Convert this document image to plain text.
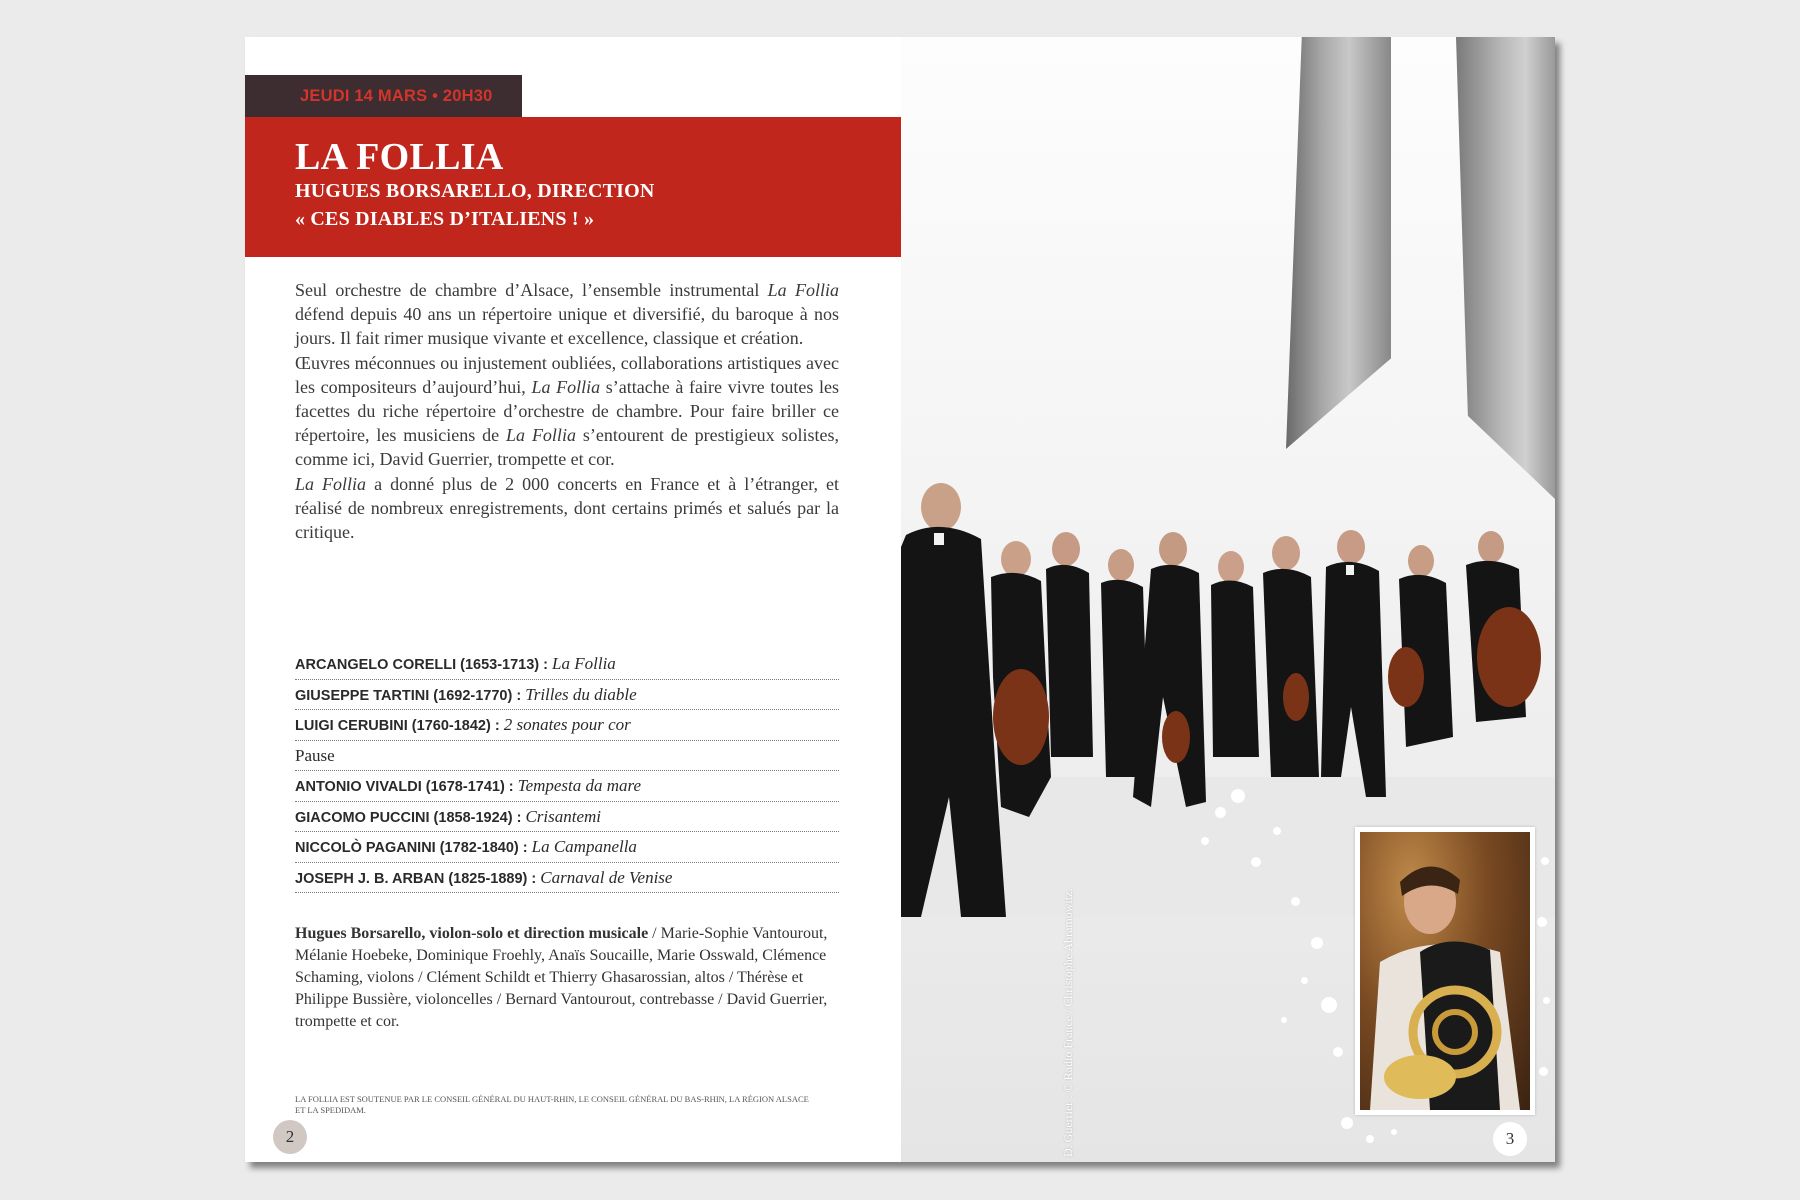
JEUDI 14 MARS • 20H30
LA FOLLIA
HUGUES BORSARELLO, DIRECTION
« CES DIABLES D’ITALIENS ! »

Seul orchestre de chambre d’Alsace, l’ensemble instrumental La Follia défend depuis 40 ans un répertoire unique et diversifié, du baroque à nos jours. Il fait rimer musique vivante et excellence, classique et création.

Œuvres méconnues ou injustement oubliées, collaborations artistiques avec les compositeurs d’aujourd’hui, La Follia s’attache à faire vivre toutes les facettes du riche répertoire d’orchestre de chambre. Pour faire briller ce répertoire, les musiciens de La Follia s’entourent de prestigieux solistes, comme ici, David Guerrier, trompette et cor.

La Follia a donné plus de 2 000 concerts en France et à l’étranger, et réalisé de nombreux enregistrements, dont certains primés et salués par la critique.

ARCANGELO CORELLI (1653-1713) : La Follia
GIUSEPPE TARTINI (1692-1770) : Trilles du diable
LUIGI CERUBINI (1760-1842) : 2 sonates pour cor
Pause
ANTONIO VIVALDI (1678-1741) : Tempesta da mare
GIACOMO PUCCINI (1858-1924) : Crisantemi
NICCOLÒ PAGANINI (1782-1840) : La Campanella
JOSEPH J. B. ARBAN (1825-1889) : Carnaval de Venise
Hugues Borsarello, violon-solo et direction musicale / Marie-Sophie Vantourout, Mélanie Hoebeke, Dominique Froehly, Anaïs Soucaille, Marie Osswald, Clémence Schaming, violons / Clément Schildt et Thierry Ghasarossian, altos / Thérèse et Philippe Bussière, violoncelles / Bernard Vantourout, contrebasse / David Guerrier, trompette et cor.
LA FOLLIA EST SOUTENUE PAR LE CONSEIL GÉNÉRAL DU HAUT-RHIN, LE CONSEIL GÉNÉRAL DU BAS-RHIN, LA RÉGION ALSACE ET LA SPEDIDAM.
2	D. Guerrier : © Radio France / Christophe Abramowitz.	3
